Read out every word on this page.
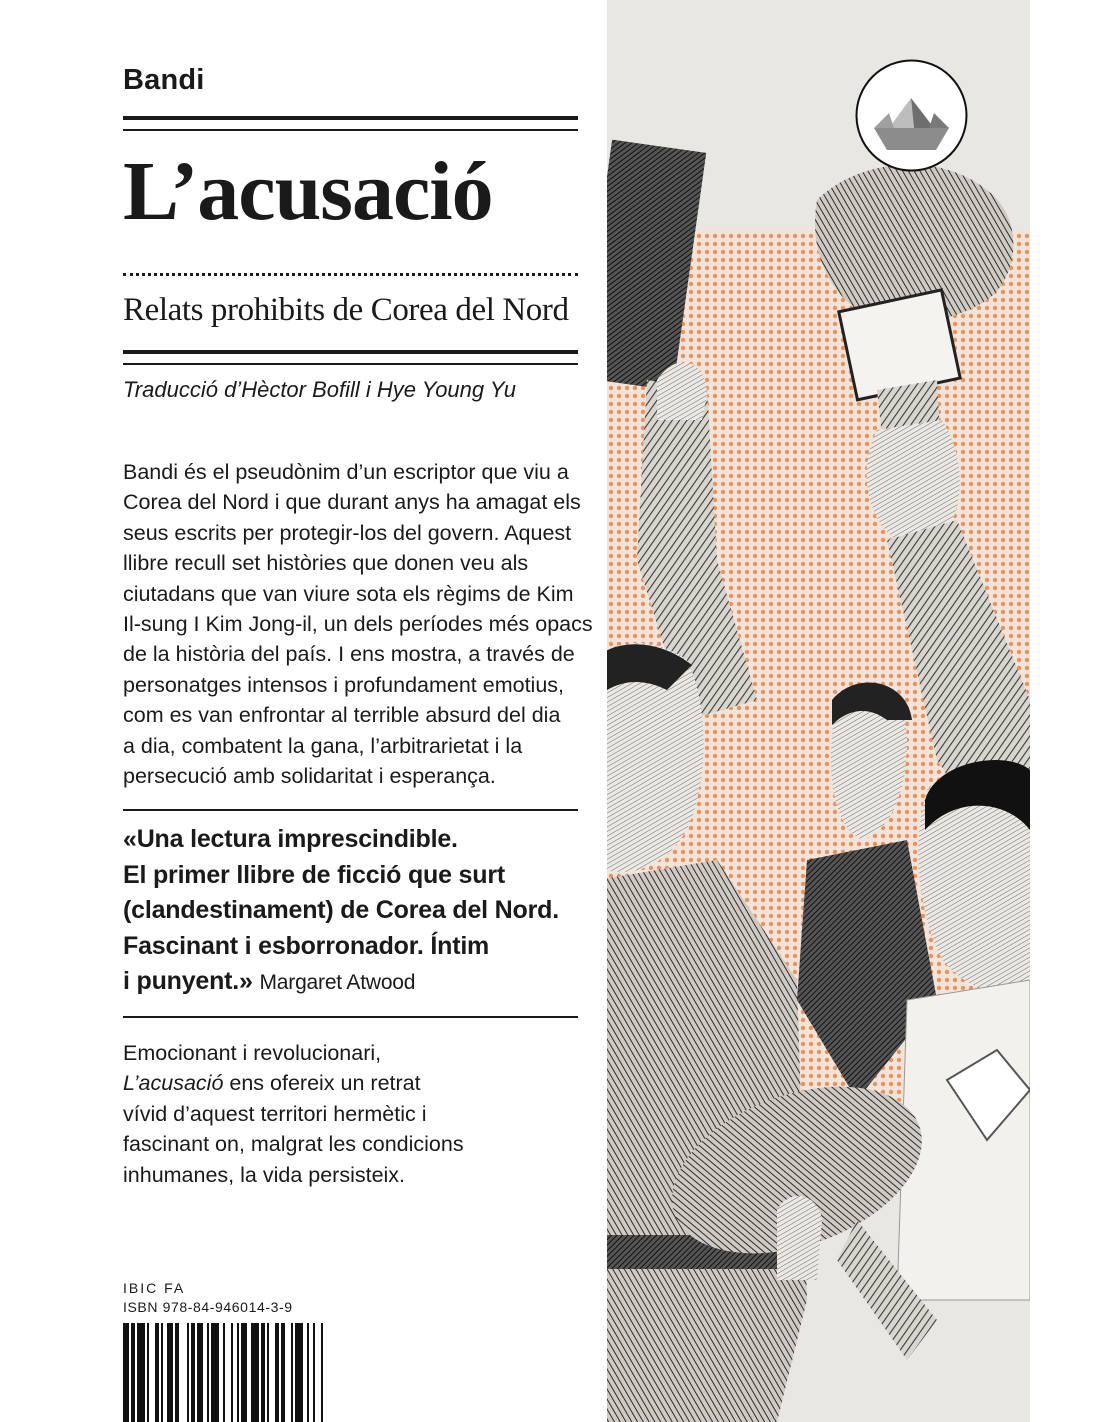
Bandi
L’acusació
Relats prohibits de Corea del Nord
Traducció d’Hèctor Bofill i Hye Young Yu
Bandi és el pseudònim d’un escriptor que viu a
Corea del Nord i que durant anys ha amagat els
seus escrits per protegir-los del govern. Aquest
llibre recull set històries que donen veu als
ciutadans que van viure sota els règims de Kim
Il-sung I Kim Jong-il, un dels períodes més opacs
de la història del país. I ens mostra, a través de
personatges intensos i profundament emotius,
com es van enfrontar al terrible absurd del dia
a dia, combatent la gana, l’arbitrarietat i la
persecució amb solidaritat i esperança.
«Una lectura imprescindible.
El primer llibre de ficció que surt
(clandestinament) de Corea del Nord.
Fascinant i esborronador. Íntim
i punyent.» Margaret Atwood
Emocionant i revolucionari,
L’acusació ens ofereix un retrat
vívid d’aquest territori hermètic i
fascinant on, malgrat les condicions
inhumanes, la vida persisteix.
IBIC FA
ISBN 978-84-946014-3-9
